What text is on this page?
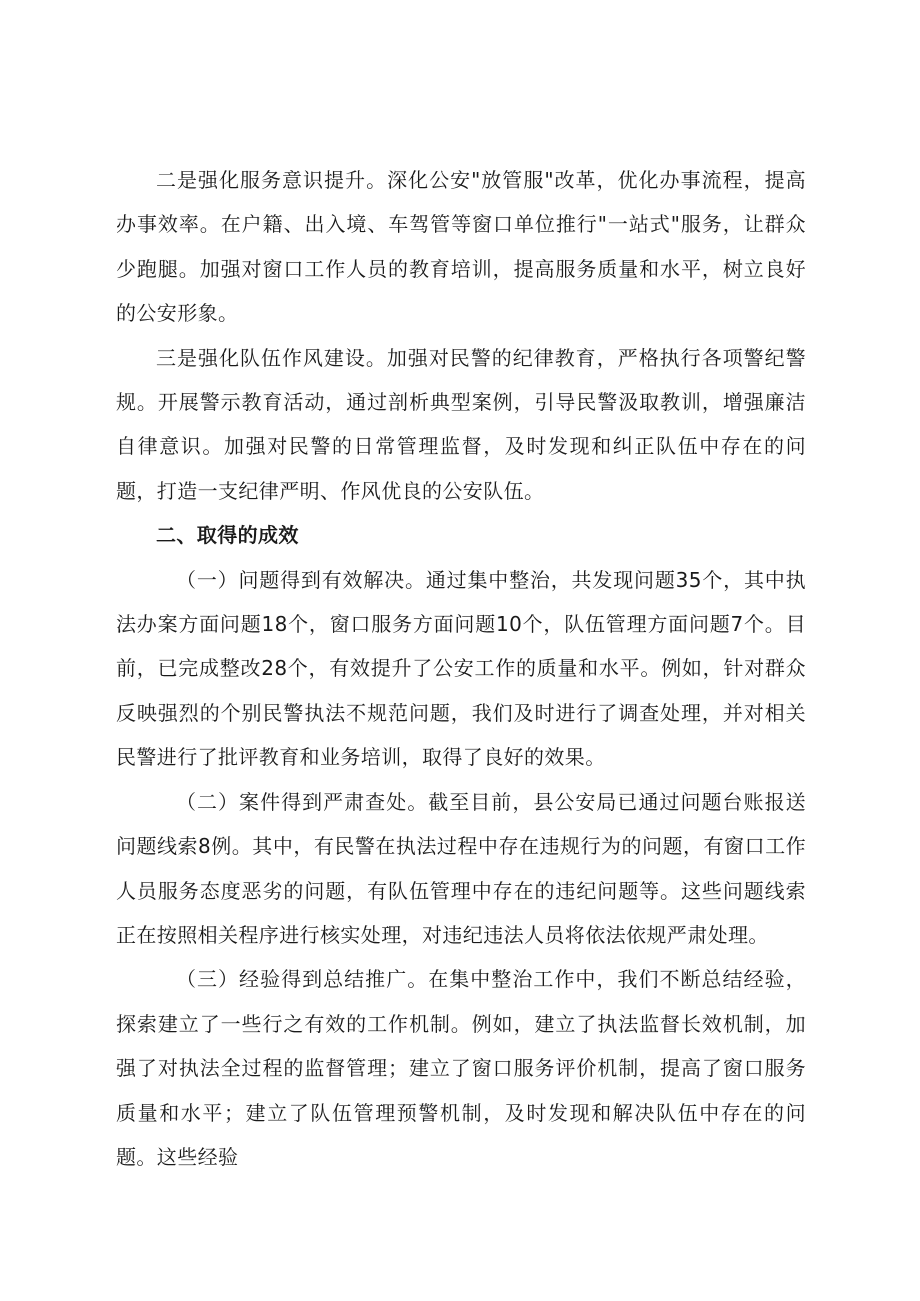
二是强化服务意识提升。深化公安"放管服"改革，优化办事流程，提高办事效率。在户籍、出入境、车驾管等窗口单位推行"一站式"服务，让群众少跑腿。加强对窗口工作人员的教育培训，提高服务质量和水平，树立良好的公安形象。

三是强化队伍作风建设。加强对民警的纪律教育，严格执行各项警纪警规。开展警示教育活动，通过剖析典型案例，引导民警汲取教训，增强廉洁自律意识。加强对民警的日常管理监督，及时发现和纠正队伍中存在的问题，打造一支纪律严明、作风优良的公安队伍。

二、取得的成效

（一）问题得到有效解决。通过集中整治，共发现问题35个，其中执法办案方面问题18个，窗口服务方面问题10个，队伍管理方面问题7个。目前，已完成整改28个，有效提升了公安工作的质量和水平。例如，针对群众反映强烈的个别民警执法不规范问题，我们及时进行了调查处理，并对相关民警进行了批评教育和业务培训，取得了良好的效果。

（二）案件得到严肃查处。截至目前，县公安局已通过问题台账报送问题线索8例。其中，有民警在执法过程中存在违规行为的问题，有窗口工作人员服务态度恶劣的问题，有队伍管理中存在的违纪问题等。这些问题线索正在按照相关程序进行核实处理，对违纪违法人员将依法依规严肃处理。

（三）经验得到总结推广。在集中整治工作中，我们不断总结经验，探索建立了一些行之有效的工作机制。例如，建立了执法监督长效机制，加强了对执法全过程的监督管理；建立了窗口服务评价机制，提高了窗口服务质量和水平；建立了队伍管理预警机制，及时发现和解决队伍中存在的问题。这些经验
